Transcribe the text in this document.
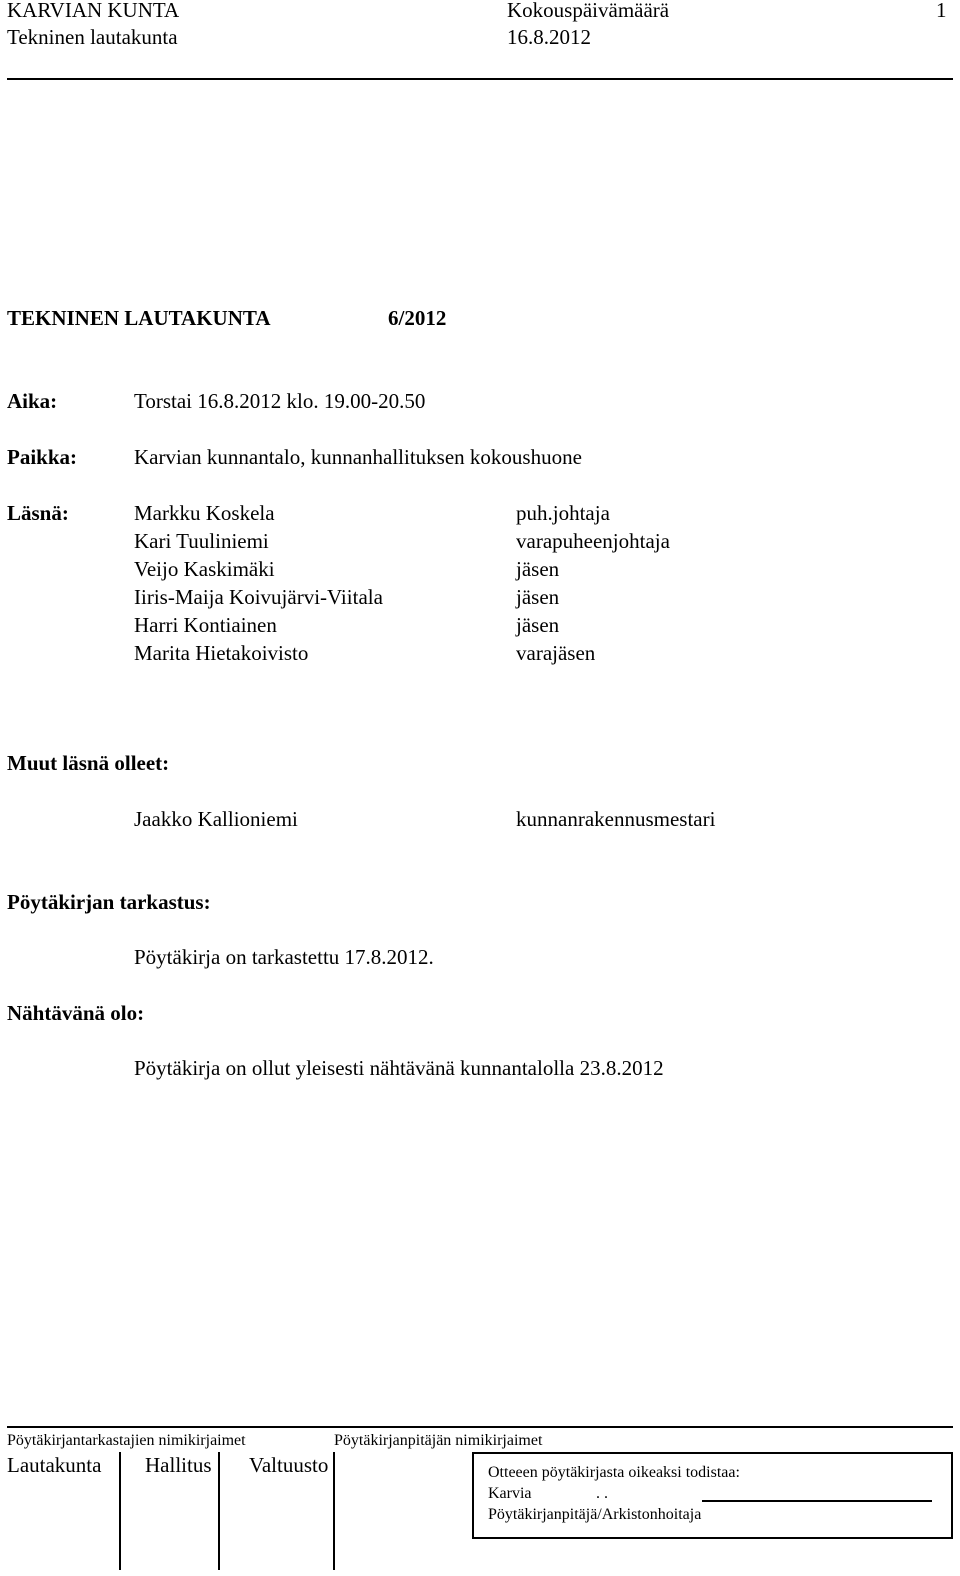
KARVIAN KUNTA
Tekninen lautakunta
Kokouspäivämäärä
16.8.2012
1
TEKNINEN LAUTAKUNTA	6/2012
Aika:	Torstai 16.8.2012 klo. 19.00-20.50
Paikka:	Karvian kunnantalo, kunnanhallituksen kokoushuone
Läsnä:	Markku Koskela	puh.johtaja
Kari Tuuliniemi	varapuheenjohtaja
Veijo Kaskimäki	jäsen
Iiris-Maija Koivujärvi-Viitala	jäsen
Harri Kontiainen	jäsen
Marita Hietakoivisto	varajäsen
Muut läsnä olleet:
Jaakko Kallioniemi	kunnanrakennusmestari
Pöytäkirjan tarkastus:
Pöytäkirja on tarkastettu 17.8.2012.
Nähtävänä olo:
Pöytäkirja on ollut yleisesti nähtävänä kunnantalolla 23.8.2012
Pöytäkirjantarkastajien nimikirjaimet	Pöytäkirjanpitäjän nimikirjaimet
Lautakunta Hallitus Valtuusto	Otteeen pöytäkirjasta oikeaksi todistaa:
Karvia	. .
Pöytäkirjanpitäjä/Arkistonhoitaja
